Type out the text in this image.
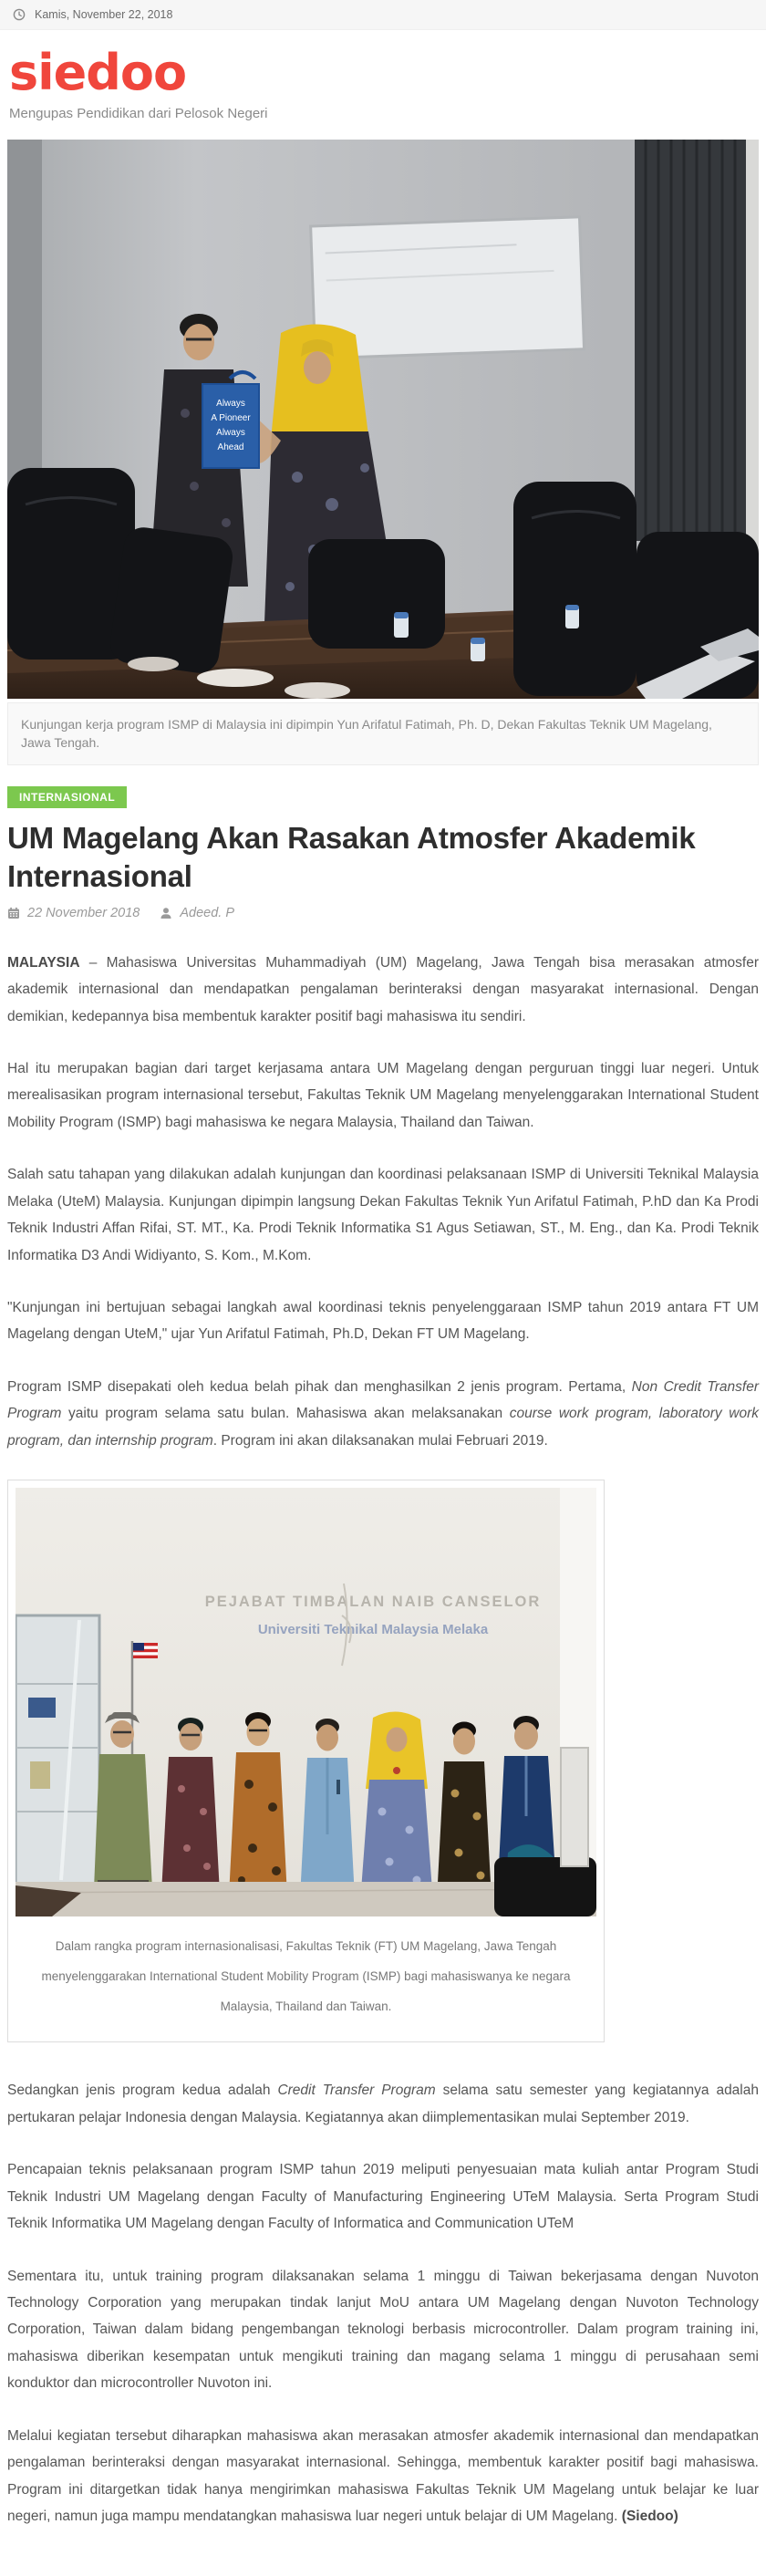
Kamis, November 22, 2018
siedoo
Mengupas Pendidikan dari Pelosok Negeri
Always
A Pioneer
Always
Ahead
Kunjungan kerja program ISMP di Malaysia ini dipimpin Yun Arifatul Fatimah, Ph. D, Dekan Fakultas Teknik UM Magelang, Jawa Tengah.
INTERNASIONAL
UM Magelang Akan Rasakan Atmosfer Akademik Internasional
22 November 2018	Adeed. P

MALAYSIA – Mahasiswa Universitas Muhammadiyah (UM) Magelang, Jawa Tengah bisa merasakan atmosfer akademik internasional dan mendapatkan pengalaman berinteraksi dengan masyarakat internasional. Dengan demikian, kedepannya bisa membentuk karakter positif bagi mahasiswa itu sendiri.

Hal itu merupakan bagian dari target kerjasama antara UM Magelang dengan perguruan tinggi luar negeri. Untuk merealisasikan program internasional tersebut, Fakultas Teknik UM Magelang menyelenggarakan International Student Mobility Program (ISMP) bagi mahasiswa ke negara Malaysia, Thailand dan Taiwan.

Salah satu tahapan yang dilakukan adalah kunjungan dan koordinasi pelaksanaan ISMP di Universiti Teknikal Malaysia Melaka (UteM) Malaysia. Kunjungan dipimpin langsung Dekan Fakultas Teknik Yun Arifatul Fatimah, P.hD dan Ka Prodi Teknik Industri Affan Rifai, ST. MT., Ka. Prodi Teknik Informatika S1 Agus Setiawan, ST., M. Eng., dan Ka. Prodi Teknik Informatika D3 Andi Widiyanto, S. Kom., M.Kom.

"Kunjungan ini bertujuan sebagai langkah awal koordinasi teknis penyelenggaraan ISMP tahun 2019 antara FT UM Magelang dengan UteM," ujar Yun Arifatul Fatimah, Ph.D, Dekan FT UM Magelang.

Program ISMP disepakati oleh kedua belah pihak dan menghasilkan 2 jenis program. Pertama, Non Credit Transfer Program yaitu program selama satu bulan. Mahasiswa akan melaksanakan course work program, laboratory work program, dan internship program. Program ini akan dilaksanakan mulai Februari 2019.

PEJABAT TIMBALAN NAIB CANSELOR
Universiti Teknikal Malaysia Melaka
Dalam rangka program internasionalisasi, Fakultas Teknik (FT) UM Magelang, Jawa Tengah menyelenggarakan International Student Mobility Program (ISMP) bagi mahasiswanya ke negara Malaysia, Thailand dan Taiwan.

Sedangkan jenis program kedua adalah Credit Transfer Program selama satu semester yang kegiatannya adalah pertukaran pelajar Indonesia dengan Malaysia. Kegiatannya akan diimplementasikan mulai September 2019.

Pencapaian teknis pelaksanaan program ISMP tahun 2019 meliputi penyesuaian mata kuliah antar Program Studi Teknik Industri UM Magelang dengan Faculty of Manufacturing Engineering UTeM Malaysia. Serta Program Studi Teknik Informatika UM Magelang dengan Faculty of Informatica and Communication UTeM

Sementara itu, untuk training program dilaksanakan selama 1 minggu di Taiwan bekerjasama dengan Nuvoton Technology Corporation yang merupakan tindak lanjut MoU antara UM Magelang dengan Nuvoton Technology Corporation, Taiwan dalam bidang pengembangan teknologi berbasis microcontroller. Dalam program training ini, mahasiswa diberikan kesempatan untuk mengikuti training dan magang selama 1 minggu di perusahaan semi konduktor dan microcontroller Nuvoton ini.

Melalui kegiatan tersebut diharapkan mahasiswa akan merasakan atmosfer akademik internasional dan mendapatkan pengalaman berinteraksi dengan masyarakat internasional. Sehingga, membentuk karakter positif bagi mahasiswa. Program ini ditargetkan tidak hanya mengirimkan mahasiswa Fakultas Teknik UM Magelang untuk belajar ke luar negeri, namun juga mampu mendatangkan mahasiswa luar negeri untuk belajar di UM Magelang. (Siedoo)
